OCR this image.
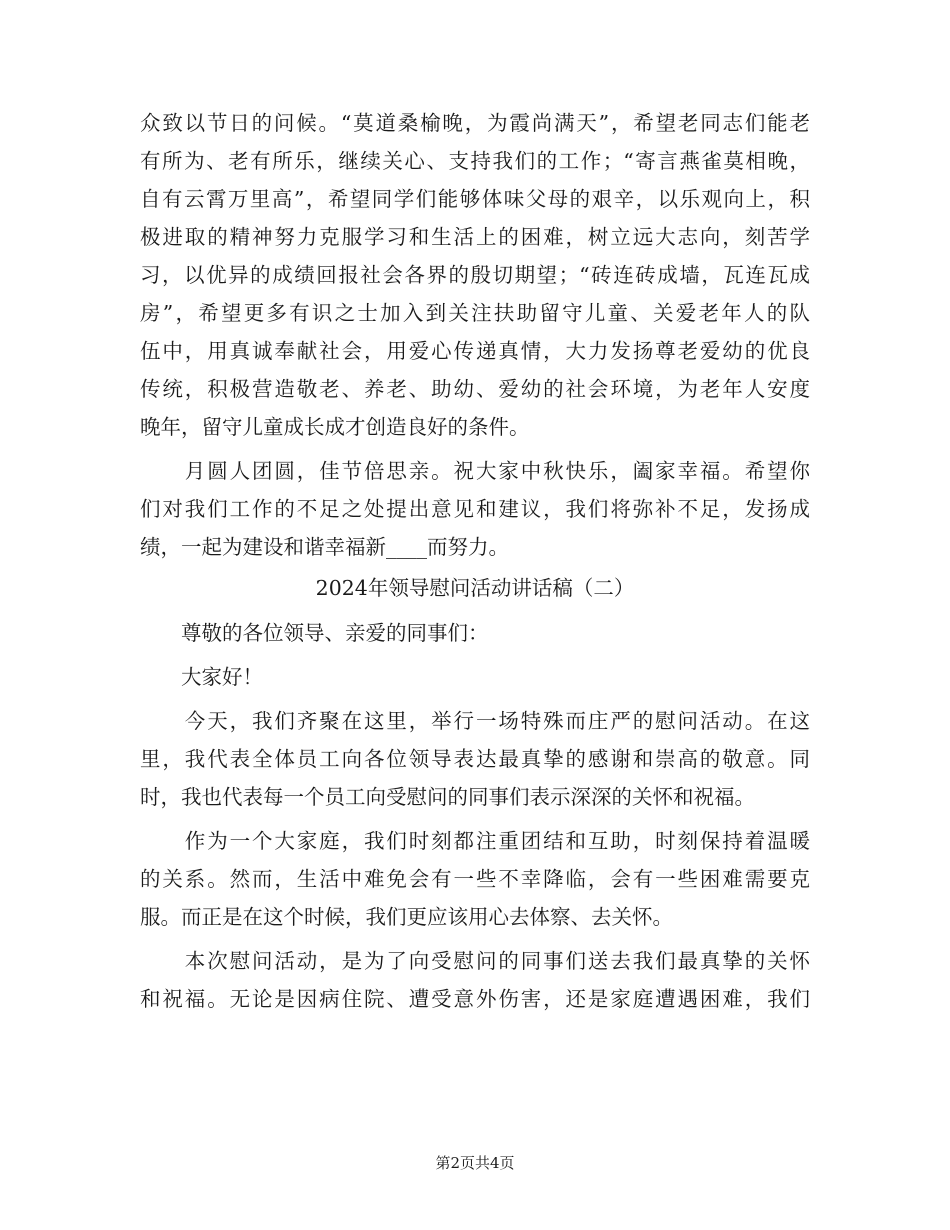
众致以节日的问候。“莫道桑榆晚，为霞尚满天”，希望老同志们能老
有所为、老有所乐，继续关心、支持我们的工作；“寄言燕雀莫相晚，
自有云霄万里高”，希望同学们能够体味父母的艰辛，以乐观向上，积
极进取的精神努力克服学习和生活上的困难，树立远大志向，刻苦学
习，以优异的成绩回报社会各界的殷切期望；“砖连砖成墙，瓦连瓦成
房”，希望更多有识之士加入到关注扶助留守儿童、关爱老年人的队
伍中，用真诚奉献社会，用爱心传递真情，大力发扬尊老爱幼的优良
传统，积极营造敬老、养老、助幼、爱幼的社会环境，为老年人安度
晚年，留守儿童成长成才创造良好的条件。
　　月圆人团圆，佳节倍思亲。祝大家中秋快乐，阖家幸福。希望你
们对我们工作的不足之处提出意见和建议，我们将弥补不足，发扬成
绩，一起为建设和谐幸福新____而努力。
2024年领导慰问活动讲话稿（二）
　　尊敬的各位领导、亲爱的同事们：
　　大家好！
　　今天，我们齐聚在这里，举行一场特殊而庄严的慰问活动。在这
里，我代表全体员工向各位领导表达最真挚的感谢和崇高的敬意。同
时，我也代表每一个员工向受慰问的同事们表示深深的关怀和祝福。
　　作为一个大家庭，我们时刻都注重团结和互助，时刻保持着温暖
的关系。然而，生活中难免会有一些不幸降临，会有一些困难需要克
服。而正是在这个时候，我们更应该用心去体察、去关怀。
　　本次慰问活动，是为了向受慰问的同事们送去我们最真挚的关怀
和祝福。无论是因病住院、遭受意外伤害，还是家庭遭遇困难，我们
第2页共4页
